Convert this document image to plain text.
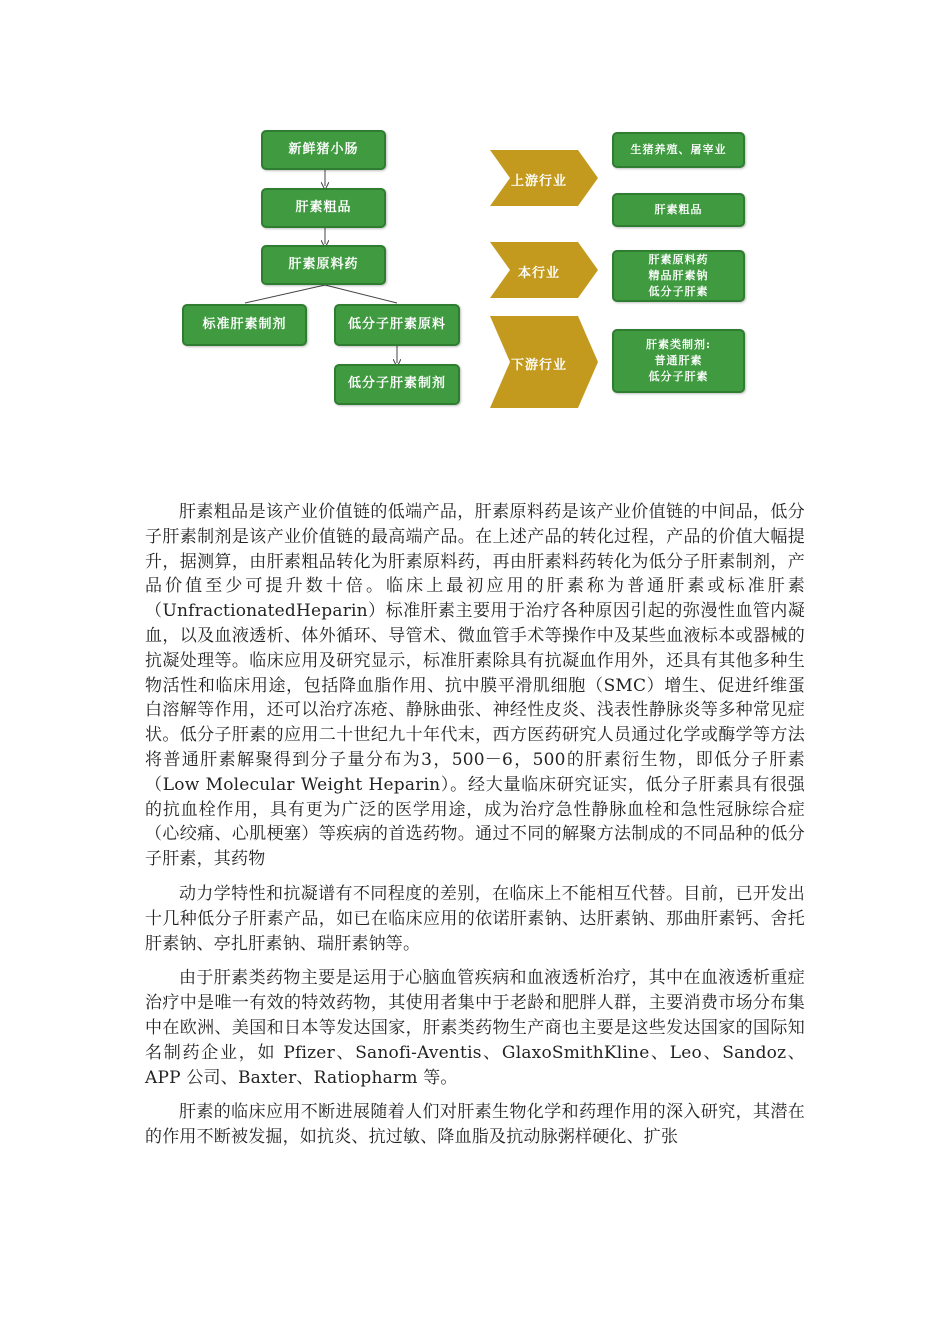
新鲜猪小肠
肝素粗品
肝素原料药
标准肝素制剂	低分子肝素原料
低分子肝素制剂
上游行业
本行业
下游行业
生猪养殖、屠宰业
肝素粗品
肝素原料药
精品肝素钠
低分子肝素
肝素类制剂:
普通肝素
低分子肝素

肝素粗品是该产业价值链的低端产品，肝素原料药是该产业价值链的中间品，低分子肝素制剂是该产业价值链的最高端产品。在上述产品的转化过程，产品的价值大幅提升，据测算，由肝素粗品转化为肝素原料药，再由肝素料药转化为低分子肝素制剂，产品价值至少可提升数十倍。临床上最初应用的肝素称为普通肝素或标准肝素（UnfractionatedHeparin）标准肝素主要用于治疗各种原因引起的弥漫性血管内凝血，以及血液透析、体外循环、导管术、微血管手术等操作中及某些血液标本或器械的抗凝处理等。临床应用及研究显示，标准肝素除具有抗凝血作用外，还具有其他多种生物活性和临床用途，包括降血脂作用、抗中膜平滑肌细胞（SMC）增生、促进纤维蛋白溶解等作用，还可以治疗冻疮、静脉曲张、神经性皮炎、浅表性静脉炎等多种常见症状。低分子肝素的应用二十世纪九十年代末，西方医药研究人员通过化学或酶学等方法将普通肝素解聚得到分子量分布为3，500－6，500的肝素衍生物，即低分子肝素（Low Molecular Weight Heparin）。经大量临床研究证实，低分子肝素具有很强的抗血栓作用，具有更为广泛的医学用途，成为治疗急性静脉血栓和急性冠脉综合症（心绞痛、心肌梗塞）等疾病的首选药物。通过不同的解聚方法制成的不同品种的低分子肝素，其药物

动力学特性和抗凝谱有不同程度的差别，在临床上不能相互代替。目前，已开发出十几种低分子肝素产品，如已在临床应用的依诺肝素钠、达肝素钠、那曲肝素钙、舍托肝素钠、亭扎肝素钠、瑞肝素钠等。

由于肝素类药物主要是运用于心脑血管疾病和血液透析治疗，其中在血液透析重症治疗中是唯一有效的特效药物，其使用者集中于老龄和肥胖人群，主要消费市场分布集中在欧洲、美国和日本等发达国家，肝素类药物生产商也主要是这些发达国家的国际知名制药企业，如 Pfizer、Sanofi-Aventis、GlaxoSmithKline、Leo、Sandoz、APP 公司、Baxter、Ratiopharm 等。

肝素的临床应用不断进展随着人们对肝素生物化学和药理作用的深入研究，其潜在的作用不断被发掘，如抗炎、抗过敏、降血脂及抗动脉粥样硬化、扩张
